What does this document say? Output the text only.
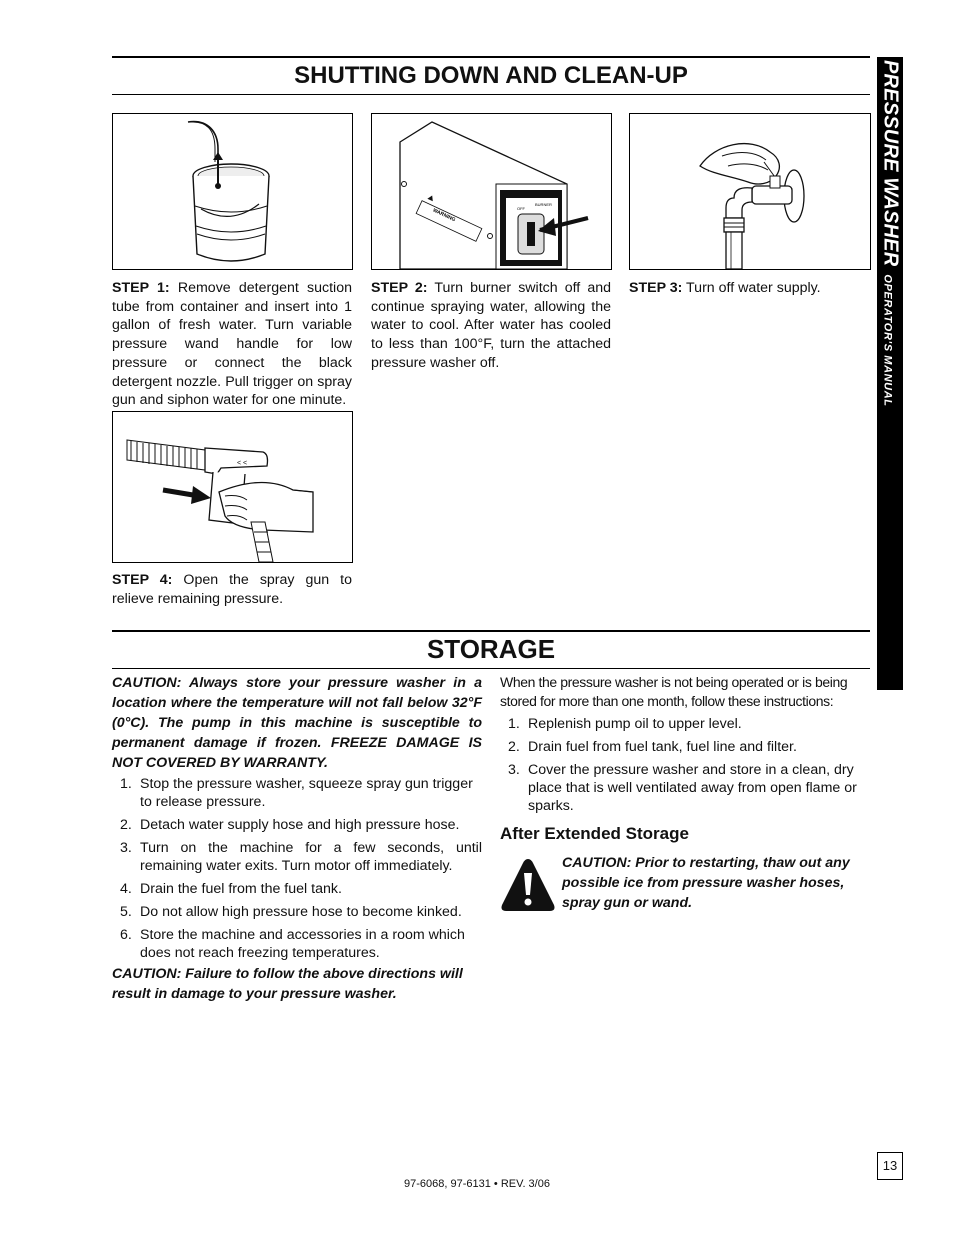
PRESSURE WASHEROPERATOR'S MANUAL
SHUTTING DOWN AND CLEAN-UP
OFF
BURNER
WARNING
STEP 1: Remove detergent suction tube from container and insert into 1 gallon of fresh water. Turn variable pressure wand handle for low pressure or connect the black detergent nozzle. Pull trigger on spray gun and siphon water for one minute.
STEP 2: Turn burner switch off and continue spraying water, allowing the water to cool. After water has cooled to less than 100°F, turn the attached pressure washer off.
STEP 3: Turn off water supply.
< <
STEP 4: Open the spray gun to relieve remaining pressure.
STORAGE
CAUTION: Always store your pressure washer in a location where the temperature will not fall below 32°F (0°C). The pump in this machine is susceptible to permanent damage if frozen. FREEZE DAMAGE IS NOT COVERED BY WARRANTY.
1. Stop the pressure washer, squeeze spray gun trigger to release pressure.
2. Detach water supply hose and high pressure hose.
3. Turn on the machine for a few seconds, until remaining water exits. Turn motor off immediately.
4. Drain the fuel from the fuel tank.
5. Do not allow high pressure hose to become kinked.
6. Store the machine and accessories in a room which does not reach freezing temperatures.
CAUTION: Failure to follow the above directions will result in damage to your pressure washer.
When the pressure washer is not being operated or is being stored for more than one month, follow these instructions:
1. Replenish pump oil to upper level.
2. Drain fuel from fuel tank, fuel line and filter.
3. Cover the pressure washer and store in a clean, dry place that is well ventilated away from open flame or sparks.
After Extended Storage
CAUTION: Prior to restarting, thaw out any possible ice from pressure washer hoses, spray gun or wand.
13
97-6068, 97-6131 • REV. 3/06
